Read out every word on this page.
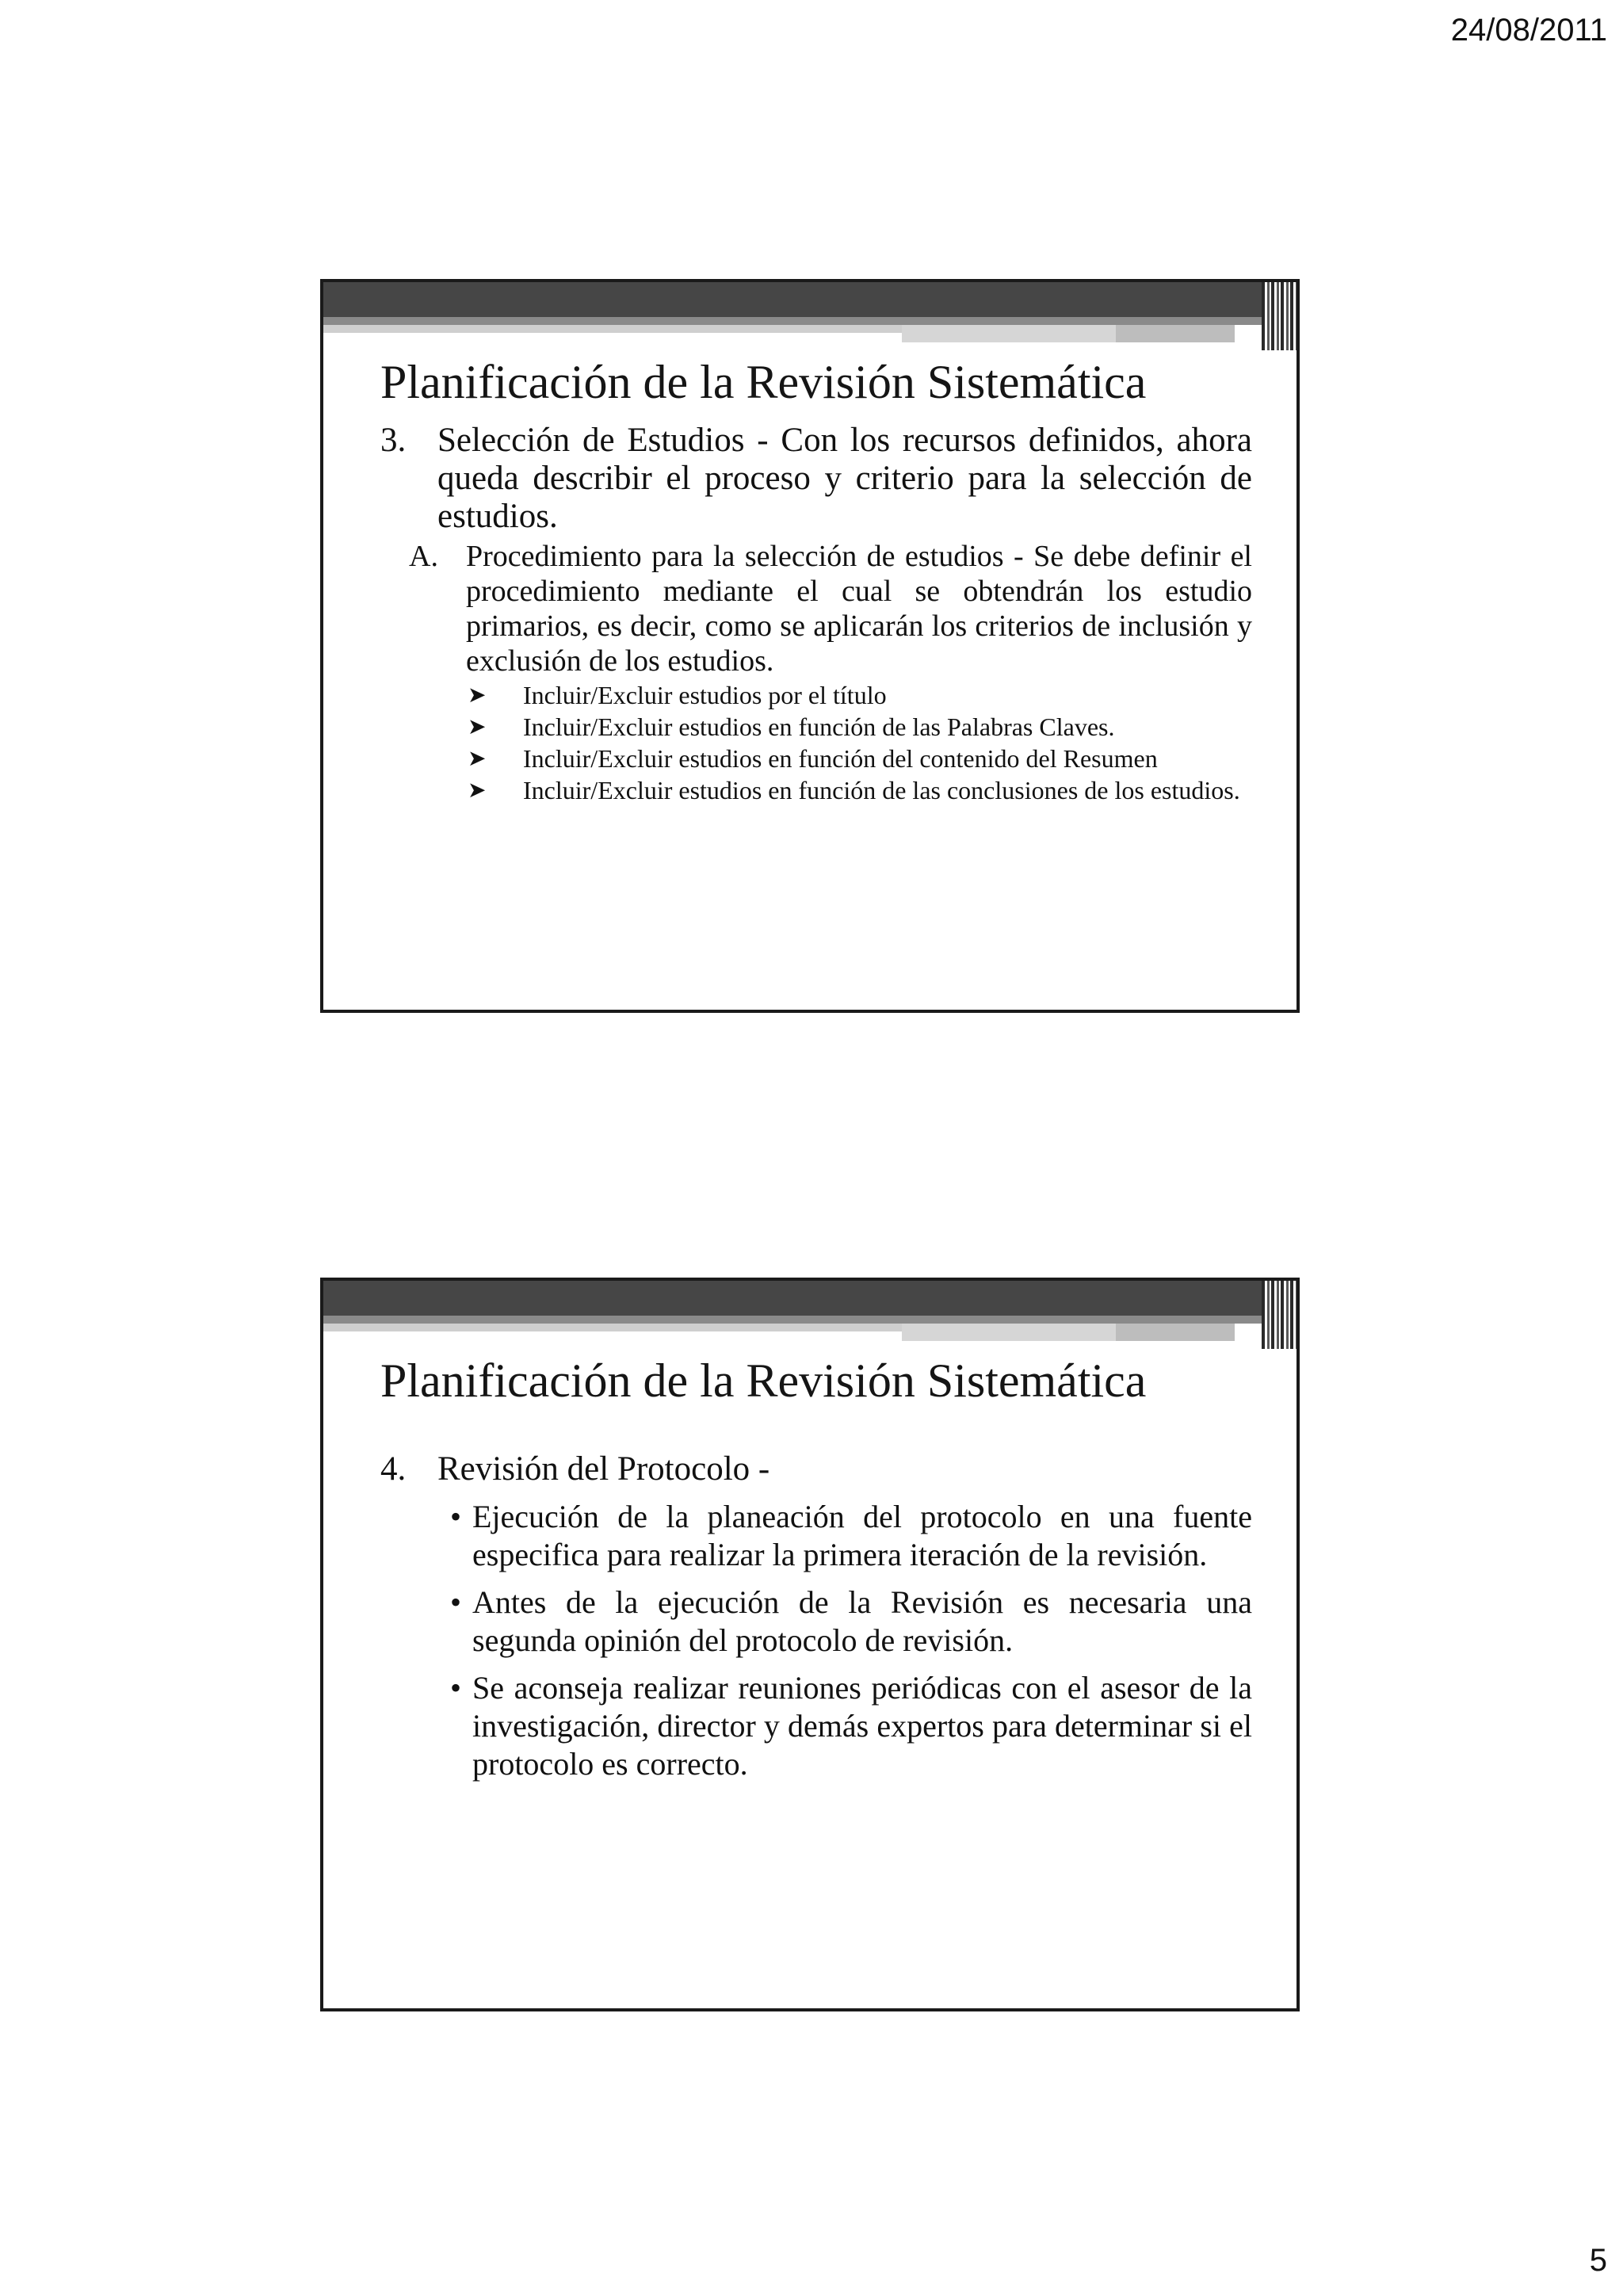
24/08/2011
Planificación de la Revisión Sistemática
3. Selección de Estudios - Con los recursos definidos, ahora queda describir el proceso y criterio para la selección de estudios.
A. Procedimiento para la selección de estudios - Se debe definir el procedimiento mediante el cual se obtendrán los estudio primarios, es decir, como se aplicarán los criterios de inclusión y exclusión de los estudios.
➤	Incluir/Excluir estudios por el título
➤	Incluir/Excluir estudios en función de las Palabras Claves.
➤	Incluir/Excluir estudios en función del contenido del Resumen
➤	Incluir/Excluir estudios en función de las conclusiones de los estudios.
Planificación de la Revisión Sistemática
4. Revisión del Protocolo -
• Ejecución de la planeación del protocolo en una fuente especifica para realizar la primera iteración de la revisión.
• Antes de la ejecución de la Revisión es necesaria una segunda opinión del protocolo de revisión.
• Se aconseja realizar reuniones periódicas con el asesor de la investigación, director y demás expertos para determinar si el protocolo es correcto.
5
